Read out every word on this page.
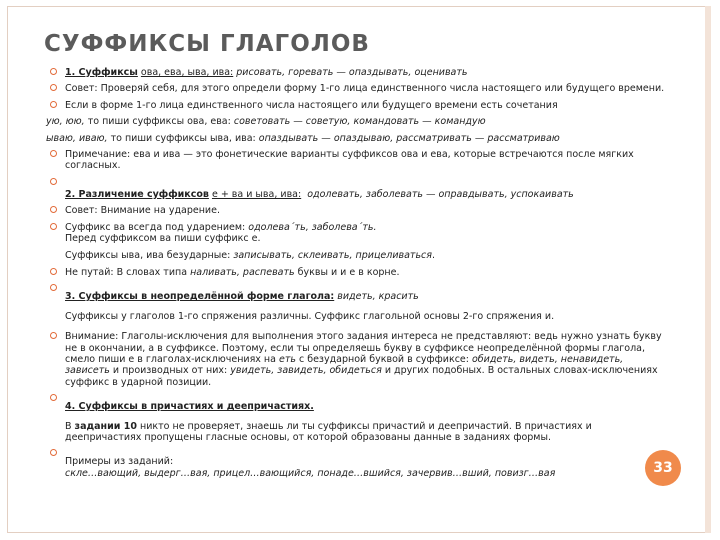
СУФФИКСЫ ГЛАГОЛОВ
1. Суффиксы ова, ева, ыва, ива: рисовать, горевать — опаздывать, оценивать
Совет: Проверяй себя, для этого определи форму 1-го лица единственного числа настоящего или будущего времени.
Если в форме 1-го лица единственного числа настоящего или будущего времени есть сочетания
ую, юю, то пиши суффиксы ова, ева: советовать — советую, командовать — командую
ываю, иваю, то пиши суффиксы ыва, ива: опаздывать — опаздываю, рассматривать — рассматриваю
Примечание: ева и ива — это фонетические варианты суффиксов ова и ева, которые встречаются после мягких согласных.
2. Различение суффиксов е + ва и ыва, ива: одолевать, заболевать — оправдывать, успокаивать
Совет: Внимание на ударение.
Суффикс ва всегда под ударением: одолева´ть, заболева´ть.
Перед суффиксом ва пиши суффикс е.
Суффиксы ыва, ива безударные: записывать, склеивать, прицеливаться.
Не путай: В словах типа наливать, распевать буквы и и е в корне.
3. Суффиксы в неопределённой форме глагола: видеть, красить
Суффиксы у глаголов 1-го спряжения различны. Суффикс глагольной основы 2-го спряжения и.
Внимание: Глаголы-исключения для выполнения этого задания интереса не представляют: ведь нужно узнать букву не в окончании, а в суффиксе. Поэтому, если ты определяешь букву в суффиксе неопределённой формы глагола, смело пиши е в глаголах-исключениях на еть с безударной буквой в суффиксе: обидеть, видеть, ненавидеть, зависеть и производных от них: увидеть, завидеть, обидеться и других подобных. В остальных словах-исключениях суффикс в ударной позиции.
4. Суффиксы в причастиях и деепричастиях.
В задании 10 никто не проверяет, знаешь ли ты суффиксы причастий и деепричастий. В причастиях и деепричастиях пропущены гласные основы, от которой образованы данные в заданиях формы.
Примеры из заданий:
скле…вающий, выдерг…вая, прицел…вающийся, понаде…вшийся, зачервив…вший, повизг…вая	33
